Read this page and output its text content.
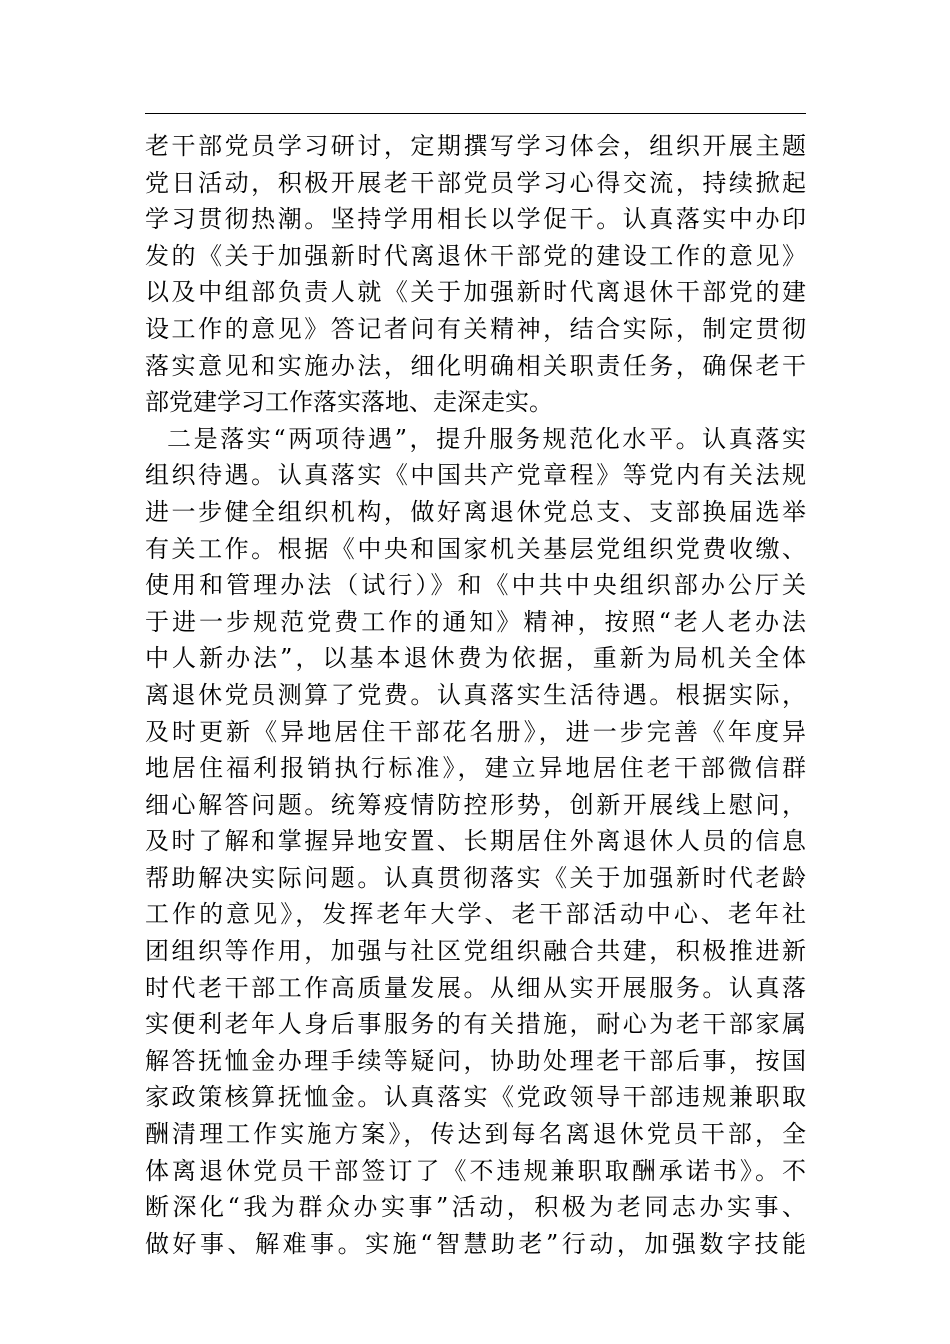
老干部党员学习研讨，定期撰写学习体会，组织开展主题
党日活动，积极开展老干部党员学习心得交流，持续掀起
学习贯彻热潮。坚持学用相长以学促干。认真落实中办印
发的《关于加强新时代离退休干部党的建设工作的意见》
以及中组部负责人就《关于加强新时代离退休干部党的建
设工作的意见》答记者问有关精神，结合实际，制定贯彻
落实意见和实施办法，细化明确相关职责任务，确保老干
部党建学习工作落实落地、走深走实。
二是落实“两项待遇”，提升服务规范化水平。认真落实
组织待遇。认真落实《中国共产党章程》等党内有关法规
进一步健全组织机构，做好离退休党总支、支部换届选举
有关工作。根据《中央和国家机关基层党组织党费收缴、
使用和管理办法（试行）》和《中共中央组织部办公厅关
于进一步规范党费工作的通知》精神，按照“老人老办法
中人新办法”，以基本退休费为依据，重新为局机关全体
离退休党员测算了党费。认真落实生活待遇。根据实际，
及时更新《异地居住干部花名册》，进一步完善《年度异
地居住福利报销执行标准》，建立异地居住老干部微信群
细心解答问题。统筹疫情防控形势，创新开展线上慰问，
及时了解和掌握异地安置、长期居住外离退休人员的信息
帮助解决实际问题。认真贯彻落实《关于加强新时代老龄
工作的意见》，发挥老年大学、老干部活动中心、老年社
团组织等作用，加强与社区党组织融合共建，积极推进新
时代老干部工作高质量发展。从细从实开展服务。认真落
实便利老年人身后事服务的有关措施，耐心为老干部家属
解答抚恤金办理手续等疑问，协助处理老干部后事，按国
家政策核算抚恤金。认真落实《党政领导干部违规兼职取
酬清理工作实施方案》，传达到每名离退休党员干部，全
体离退休党员干部签订了《不违规兼职取酬承诺书》。不
断深化“我为群众办实事”活动，积极为老同志办实事、
做好事、解难事。实施“智慧助老”行动，加强数字技能
